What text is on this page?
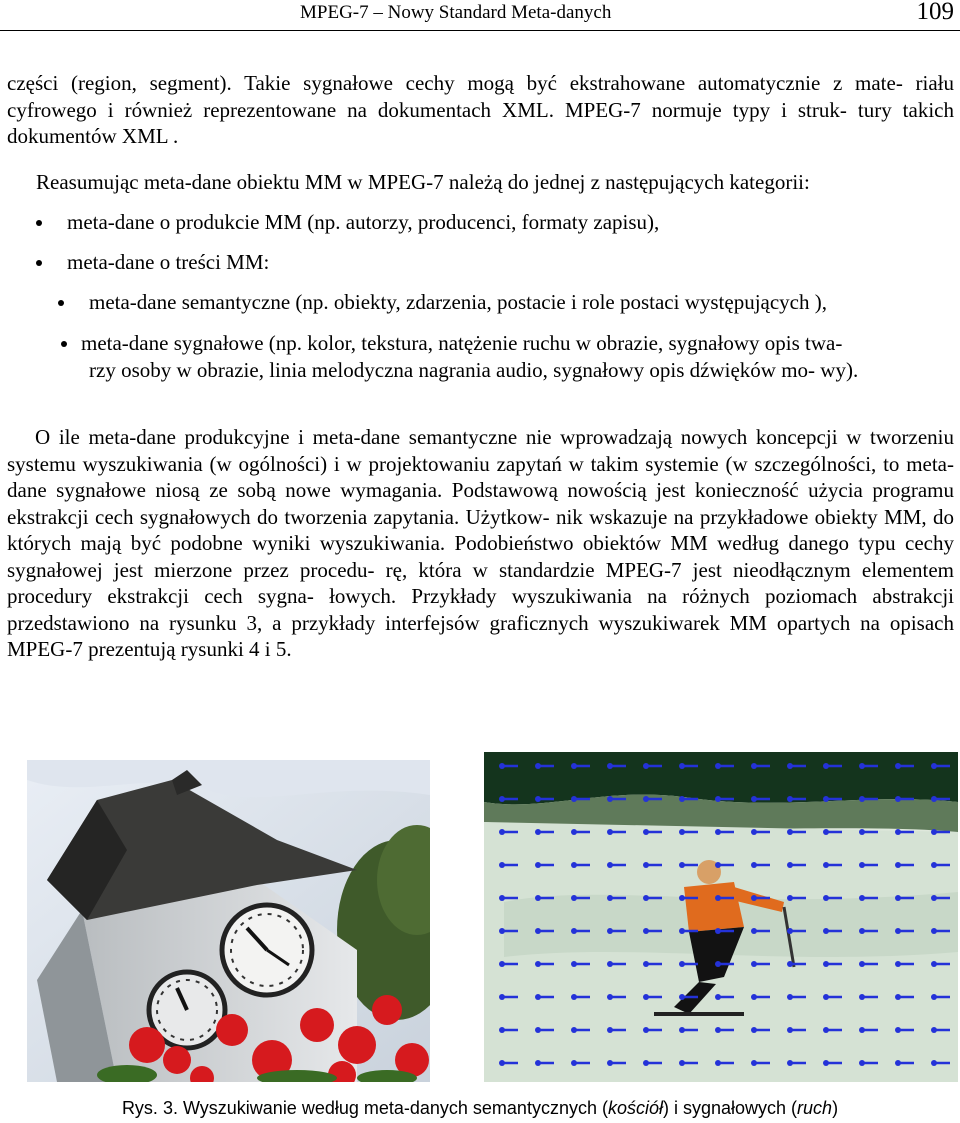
MPEG-7 – Nowy Standard Meta-danych	109
części (region, segment). Takie sygnałowe cechy mogą być ekstrahowane automatycznie z mate- riału cyfrowego i również reprezentowane na dokumentach XML. MPEG-7 normuje typy i struk- tury takich dokumentów XML .
Reasumując meta-dane obiektu MM w MPEG-7 należą do jednej z następujących kategorii:
meta-dane o produkcie MM (np. autorzy, producenci, formaty zapisu),
meta-dane o treści MM:
meta-dane semantyczne (np. obiekty, zdarzenia, postacie i role postaci występujących ),
meta-dane sygnałowe (np. kolor, tekstura, natężenie ruchu w obrazie, sygnałowy opis twa-
rzy osoby w obrazie, linia melodyczna nagrania audio, sygnałowy opis dźwięków mo- wy).
O ile meta-dane produkcyjne i meta-dane semantyczne nie wprowadzają nowych koncepcji w tworzeniu systemu wyszukiwania (w ogólności) i w projektowaniu zapytań w takim systemie (w szczególności, to meta-dane sygnałowe niosą ze sobą nowe wymagania. Podstawową nowością jest konieczność użycia programu ekstrakcji cech sygnałowych do tworzenia zapytania. Użytkow- nik wskazuje na przykładowe obiekty MM, do których mają być podobne wyniki wyszukiwania. Podobieństwo obiektów MM według danego typu cechy sygnałowej jest mierzone przez procedu- rę, która w standardzie MPEG-7 jest nieodłącznym elementem procedury ekstrakcji cech sygna- łowych. Przykłady wyszukiwania na różnych poziomach abstrakcji przedstawiono na rysunku 3, a przykłady interfejsów graficznych wyszukiwarek MM opartych na opisach MPEG-7 prezentują rysunki 4 i 5.
Rys. 3. Wyszukiwanie według meta-danych semantycznych (kościół) i sygnałowych (ruch)
